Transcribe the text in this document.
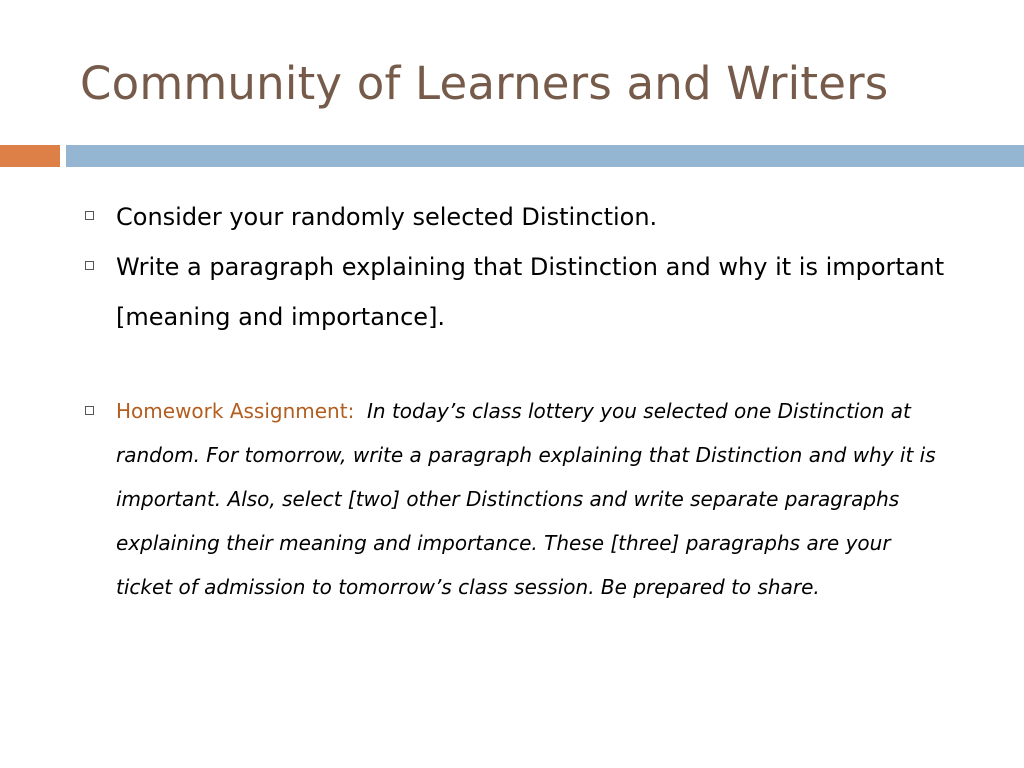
Community of Learners and Writers
Consider your randomly selected Distinction.
Write a paragraph explaining that Distinction and why it is important [meaning and importance].
Homework Assignment: In today’s class lottery you selected one Distinction at random. For tomorrow, write a paragraph explaining that Distinction and why it is important. Also, select [two] other Distinctions and write separate paragraphs explaining their meaning and importance. These [three] paragraphs are your ticket of admission to tomorrow’s class session. Be prepared to share.
